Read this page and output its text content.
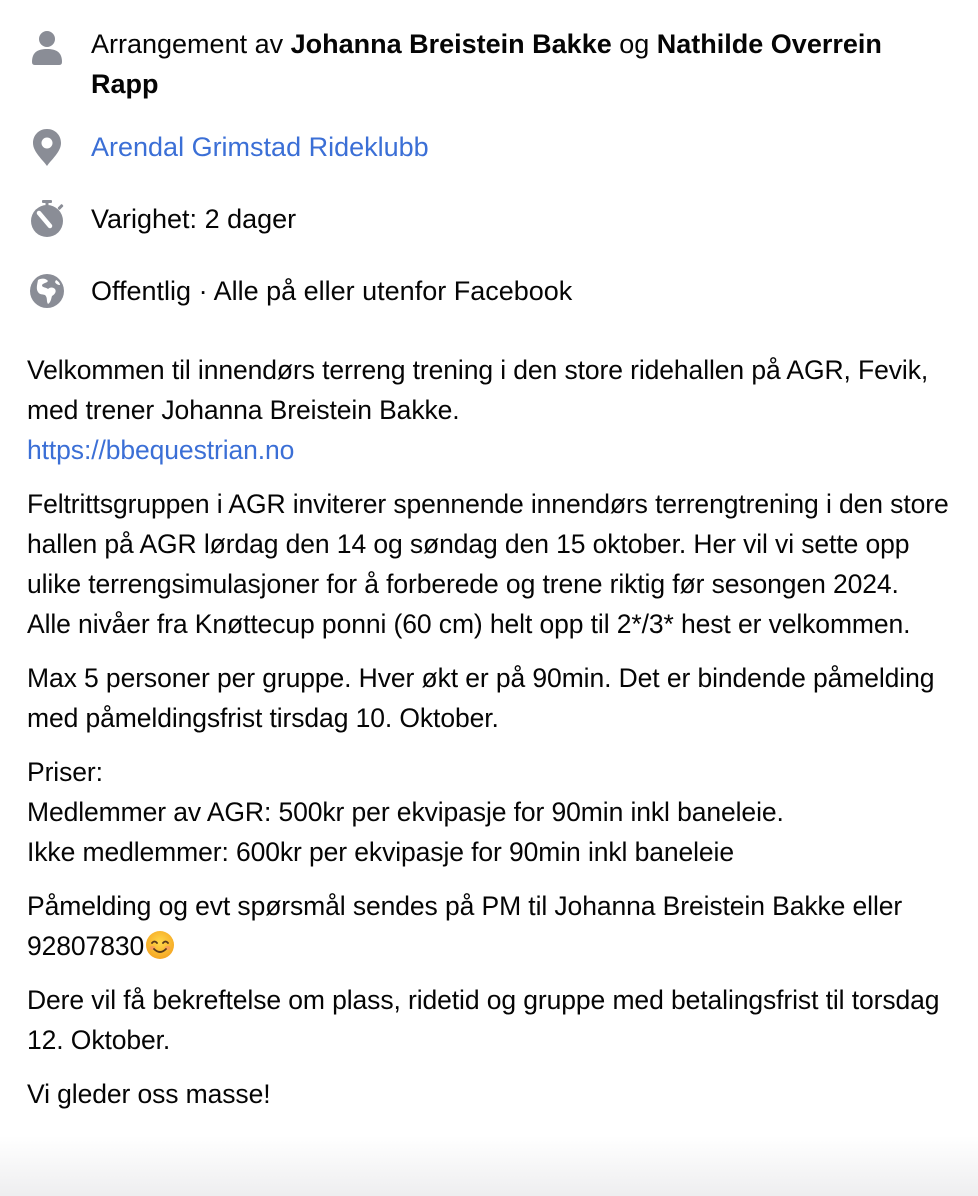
Arrangement av Johanna Breistein Bakke og Nathilde Overrein Rapp
Arendal Grimstad Rideklubb
Varighet: 2 dager
Offentlig · Alle på eller utenfor Facebook

Velkommen til innendørs terreng trening i den store ridehallen på AGR, Fevik, med trener Johanna Breistein Bakke.
https://bbequestrian.no

Feltrittsgruppen i AGR inviterer spennende innendørs terrengtrening i den store hallen på AGR lørdag den 14 og søndag den 15 oktober. Her vil vi sette opp ulike terrengsimulasjoner for å forberede og trene riktig før sesongen 2024.
Alle nivåer fra Knøttecup ponni (60 cm) helt opp til 2*/3* hest er velkommen.

Max 5 personer per gruppe. Hver økt er på 90min. Det er bindende påmelding med påmeldingsfrist tirsdag 10. Oktober.

Priser:
Medlemmer av AGR: 500kr per ekvipasje for 90min inkl baneleie.
Ikke medlemmer: 600kr per ekvipasje for 90min inkl baneleie

Påmelding og evt spørsmål sendes på PM til Johanna Breistein Bakke eller 92807830

Dere vil få bekreftelse om plass, ridetid og gruppe med betalingsfrist til torsdag 12. Oktober.

Vi gleder oss masse!
